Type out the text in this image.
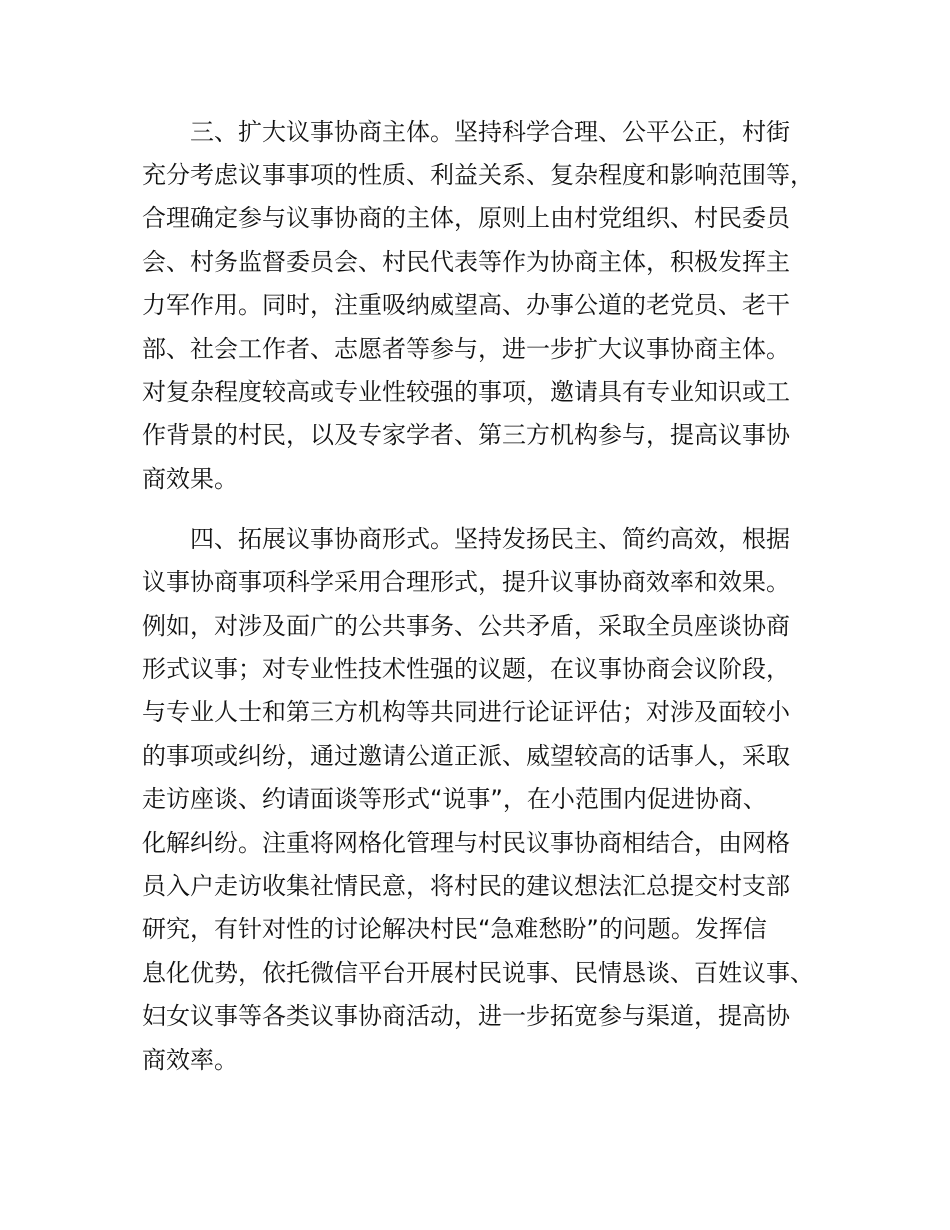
三、扩大议事协商主体。坚持科学合理、公平公正，村街

充分考虑议事事项的性质、利益关系、复杂程度和影响范围等，

合理确定参与议事协商的主体，原则上由村党组织、村民委员

会、村务监督委员会、村民代表等作为协商主体，积极发挥主

力军作用。同时，注重吸纳威望高、办事公道的老党员、老干

部、社会工作者、志愿者等参与，进一步扩大议事协商主体。

对复杂程度较高或专业性较强的事项，邀请具有专业知识或工

作背景的村民，以及专家学者、第三方机构参与，提高议事协

商效果。

四、拓展议事协商形式。坚持发扬民主、简约高效，根据

议事协商事项科学采用合理形式，提升议事协商效率和效果。

例如，对涉及面广的公共事务、公共矛盾，采取全员座谈协商

形式议事；对专业性技术性强的议题，在议事协商会议阶段，

与专业人士和第三方机构等共同进行论证评估；对涉及面较小

的事项或纠纷，通过邀请公道正派、威望较高的话事人，采取

走访座谈、约请面谈等形式“说事”，在小范围内促进协商、

化解纠纷。注重将网格化管理与村民议事协商相结合，由网格

员入户走访收集社情民意，将村民的建议想法汇总提交村支部

研究，有针对性的讨论解决村民“急难愁盼”的问题。发挥信

息化优势，依托微信平台开展村民说事、民情恳谈、百姓议事、

妇女议事等各类议事协商活动，进一步拓宽参与渠道，提高协

商效率。
